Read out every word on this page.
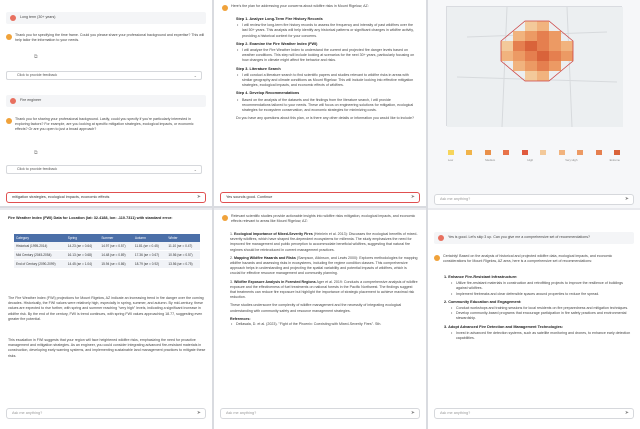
Long term (30+ years)
Thank you for specifying the time frame. Could you please share your professional background and expertise? This will help tailor the information to your needs.
⧉
Click to provide feedback	⌄
Fire engineer
Thank you for sharing your professional background. Lastly, could you specify if you're particularly interested in exploring factors? For example, are you looking at specific mitigation strategies, ecological impacts, or economic effects? Or are you open to just a broad approach?
⧉
Click to provide feedback	⌄
mitigation strategies, ecological impacts, economic effects	➤
Fire Weather Index (FWI) Data for Location (lat: 32.4188, lon: -110.7311) with standard error:
Category	Spring	Summer	Autumn	Winter
Historical (1995-2014)	14.23 (se = 0.64)	14.97 (se = 0.57)	11.81 (se = 0.45)	11.10 (se = 0.47)
Mid Century (2045-2054)	16.13 (se = 0.68)	14.48 (se = 0.89)	17.36 (se = 0.67)	10.56 (se = 0.57)
End of Century (2090-2099)	14.45 (se = 1.04)	15.94 (se = 0.86)	18.79 (se = 0.92)	13.56 (se = 0.75)
The Fire Weather Index (FWI) projections for Mount Rigelow, AZ indicate an increasing trend in fire danger over the coming decades. Historically, the FWI values were relatively high, especially in spring, summer, and autumn. By mid-century, these values are expected to rise further, with spring and summer reaching "very high" levels, indicating a significant increase in wildfire risk. By the end of the century, FWI is trend continues, with spring FWI values approaching 18.77, suggesting even greater fire potential.
This escalation in FWI suggests that your region will face heightened wildfire risks, emphasizing the need for proactive management and mitigation strategies. As an engineer, you could consider integrating advanced fire-resistant materials in construction, developing early warning systems, and implementing sustainable land management practices to mitigate these risks.
Ask me anything?	➤
Here's the plan for addressing your concerns about wildfire risks in Mount Rigelow, AZ:
Step 1. Analyze Long-Term Fire History Records
• I will review the long-term fire history records to assess the frequency and intensity of past wildfires over the last 50+ years. This analysis will help identify any historical patterns or significant changes in wildfire activity, providing a historical context for your concerns.
Step 2. Examine the Fire Weather Index (FWI)
• I will analyze the Fire Weather Index to understand the current and projected fire danger levels based on weather conditions. This step will include looking at scenarios for the next 30+ years, particularly focusing on how changes in climate might affect fire behavior and risks.
Step 3. Literature Search
• I will conduct a literature search to find scientific papers and studies relevant to wildfire risks in areas with similar geography and climate conditions as Mount Rigelow. This will include looking into effective mitigation strategies, ecological impacts, and economic effects of wildfires.
Step 4. Develop Recommendations
• Based on the analysis of the datasets and the findings from the literature search, I will provide recommendations tailored to your needs. These will focus on engineering solutions for mitigation, ecological strategies for ecosystem conservation, and economic strategies for minimizing costs.
Do you have any questions about this plan, or is there any other details or information you would like to include?
Yes sounds good. Continue	➤
Relevant scientific studies provide actionable insights into wildfire risks mitigation, ecological impacts, and economic effects relevant to areas like Mount Rigelow, AZ:
1. Ecological Importance of Mixed-Severity Fires (Heinlein et al. 2013): Discusses the ecological benefits of mixed-severity wildfires, which have shaped fire-dependent ecosystems for millennia. The study emphasizes the need for improved fire management and public perception to accommodate beneficial wildfires, suggesting that natural fire regimes should be reintroduced in current management practices.
2. Mapping Wildfire Hazards and Risks (Sampson, Atkinson, and Lewis 2000): Explores methodologies for mapping wildfire hazards and assessing risks in ecosystems, including fire regime condition classes. This comprehensive approach helps in understanding and projecting the spatial variability and potential impacts of wildfires, which is crucial for effective resource management and community planning.
3. Wildfire Exposure Analysis in Forested Regions Ager et al. 2019: Conducts a comprehensive analysis of wildfire exposure and the effectiveness of fuel treatments on national forests in the Pacific Northwest. The findings suggest that treatments can reduce fire exposure but highlight the importance of strategic placement to achieve maximal risk reduction.
These studies underscore the complexity of wildfire management and the necessity of integrating ecological understanding with community safety and resource management strategies.
References:
• Dellasala, D. et al. (2023). "Fight of the Phoenix: Coexisting with Mixed-Severity Fires". Sth.
Ask me anything?	➤
Low	Medium	High	Very High	Extreme
Ask me anything?	➤
Yes is good. Let's skip 3 up. Can you give me a comprehensive set of recommendations?
Certainly! Based on the analysis of historical and projected wildfire data, ecological impacts, and economic considerations for Mount Rigelow, AZ area, here is a comprehensive set of recommendations:
1. Enhance Fire-Resistant Infrastructure:
• Utilize fire-resistant materials in construction and retrofitting projects to improve the resilience of buildings against wildfires.
• Implement firebreaks and clear defensible spaces around properties to reduce fire spread.
2. Community Education and Engagement:
• Conduct workshops and training sessions for local residents on fire preparedness and mitigation techniques.
• Develop community-based programs that encourage participation in fire safety practices and environmental stewardship.
3. Adopt Advanced Fire Detection and Management Technologies:
• Invest in advanced fire detection systems, such as satellite monitoring and drones, to enhance early detection capabilities.
Ask me anything?	➤
